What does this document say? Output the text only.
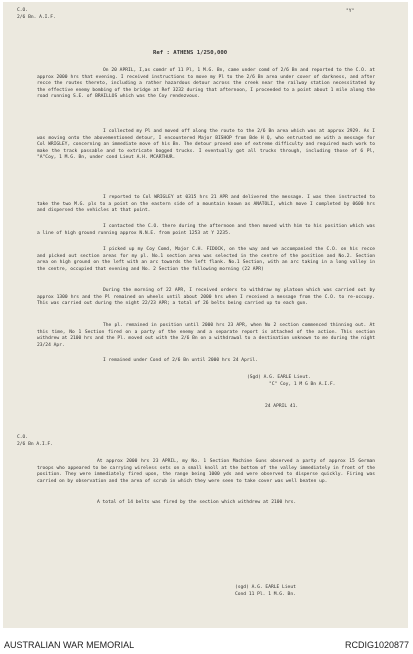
C.O.
2/6 Bn. A.I.F.
"Y"
Ref : ATHENS 1/250,000
On 20 APRIL, I,as comdr of 11 Pl, 1 M.G. Bn, came under comd of 2/6 Bn and reported to the C.O. at approx 2000 hrs that evening. I received instructions to move my Pl to the 2/6 Bn area under cover of darkness, and after recce the routes thereto, including a rather hazardous detour across the creek near the railway station necessitated by the effective enemy bombing of the bridge at Ref 3232 during that afternoon, I proceeded to a point about 1 mile along the road running S.E. of BRAILLOS which was the Coy rendezvous.
I collected my Pl and moved off along the route to the 2/6 Bn area which was at approx 2929. As I was moving onto the abovementioned detour, I encountered Major BISHOP from Bde H Q, who entrusted me with a message for Col WRIGLEY, concerning an immediate move of his Bn. The detour proved one of extreme difficulty and required much work to make the track passable and to extricate bogged trucks. I eventually got all trucks through, including those of 6 Pl, "A"Coy, 1 M.G. Bn, under cond Lieut A.H. MCARTHUR.
I reported to Col WRIGLEY at 0315 hrs 21 APR and delivered the message. I was then instructed to take the two M.G. pls to a point on the eastern side of a mountain known as ANATOLI, which move I completed by 0600 hrs and dispersed the vehicles at that point.
I contacted the C.O. there during the afternoon and then moved with him to his position which was a line of high ground running approx N.N.E. from point 1253 at Y 2235.
I picked up my Coy Comd, Major C.H. FIDOCK, on the way and we accompanied the C.O. on his recce and picked out section areas for my pl. No.1 section area was selected in the centre of the position and No.2. Section area on high ground on the left with an arc towards the left flank. No.1 Section, with an arc taking in a long valley in the centre, occupied that evening and No. 2 Section the following morning (22 APR)
During the morning of 22 APR, I received orders to withdraw my platoon which was carried out by approx 1300 hrs and the Pl remained on wheels until about 2000 hrs when I received a message from the C.O. to re-occupy. This was carried out during the night 22/23 APR; a total of 26 belts being carried up to each gun.
The pl. remained in position until 2000 hrs 23 APR, when No 2 section commenced thinning out. At this time, No 1 Section fired on a party of the enemy and a separate report is attached of the action. This section withdrew at 2100 hrs and the Pl. moved out with the 2/6 Bn on a withdrawal to a destination unknown to me during the night 23/24 Apr.
I remained under Cond of 2/6 Bn until 2000 hrs 24 April.
(Sgd) A.G. EARLE Lieut.
"C" Coy, 1 M G Bn A.I.F.
24 APRIL 41.
C.O.
2/6 Bn A.I.F.
At approx 2000 hrs 23 APRIL, my No. 1 Section Machine Guns observed a party of approx 15 German troops who appeared to be carrying wireless sets on a small knoll at the bottom of the valley immediately in front of the position. They were immediately fired upon, the range being 1000 yds and were observed to disperse quickly. Firing was carried on by observation and the area of scrub in which they were seen to take cover was well beaten up.
A total of 14 belts was fired by the section which withdrew at 2100 hrs.
(sgd) A.G. EARLE Lieut
Cond 11 Pl. 1 M.G. Bn.
AUSTRALIAN WAR MEMORIAL	RCDIG1020877
